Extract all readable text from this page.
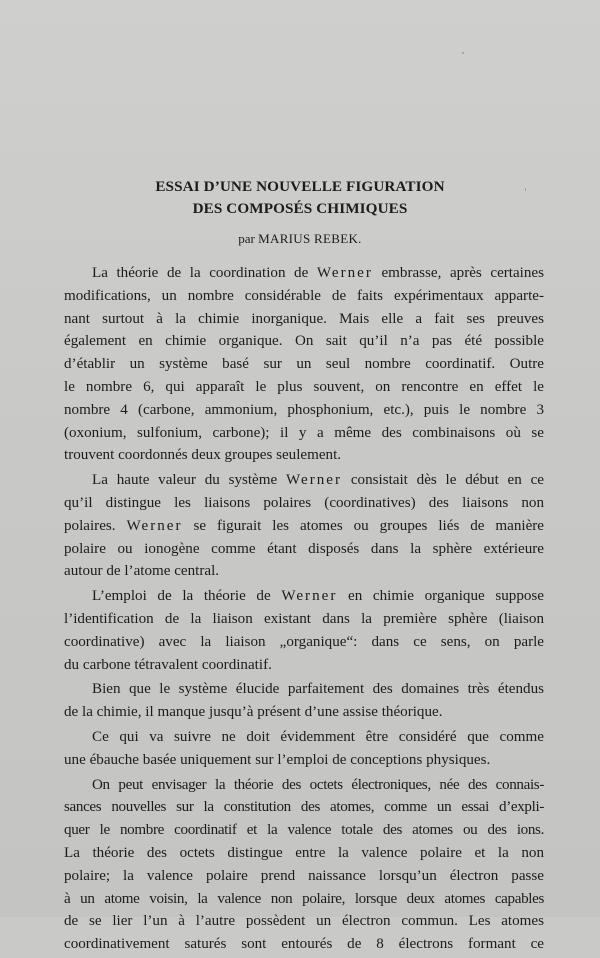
ESSAI D’UNE NOUVELLE FIGURATION
DES COMPOSÉS CHIMIQUES
par MARIUS REBEK.

La théorie de la coordination de Werner embrasse, après certaines
modifications, un nombre considérable de faits expérimentaux apparte-
nant surtout à la chimie inorganique. Mais elle a fait ses preuves
également en chimie organique. On sait qu’il n’a pas été possible
d’établir un système basé sur un seul nombre coordinatif. Outre
le nombre 6, qui apparaît le plus souvent, on rencontre en effet le
nombre 4 (carbone, ammonium, phosphonium, etc.), puis le nombre 3
(oxonium, sulfonium, carbone); il y a même des combinaisons où se
trouvent coordonnés deux groupes seulement.

La haute valeur du système Werner consistait dès le début en ce
qu’il distingue les liaisons polaires (coordinatives) des liaisons non
polaires. Werner se figurait les atomes ou groupes liés de manière
polaire ou ionogène comme étant disposés dans la sphère extérieure
autour de l’atome central.

L’emploi de la théorie de Werner en chimie organique suppose
l’identification de la liaison existant dans la première sphère (liaison
coordinative) avec la liaison „organique“: dans ce sens, on parle
du carbone tétravalent coordinatif.

Bien que le système élucide parfaitement des domaines très étendus
de la chimie, il manque jusqu’à présent d’une assise théorique.

Ce qui va suivre ne doit évidemment être considéré que comme
une ébauche basée uniquement sur l’emploi de conceptions physiques.

On peut envisager la théorie des octets électroniques, née des connais-
sances nouvelles sur la constitution des atomes, comme un essai d’expli-
quer le nombre coordinatif et la valence totale des atomes ou des ions.
La théorie des octets distingue entre la valence polaire et la non
polaire; la valence polaire prend naissance lorsqu’un électron passe
à un atome voisin, la valence non polaire, lorsque deux atomes capables
de se lier l’un à l’autre possèdent un électron commun. Les atomes
coordinativement saturés sont entourés de 8 électrons formant ce
